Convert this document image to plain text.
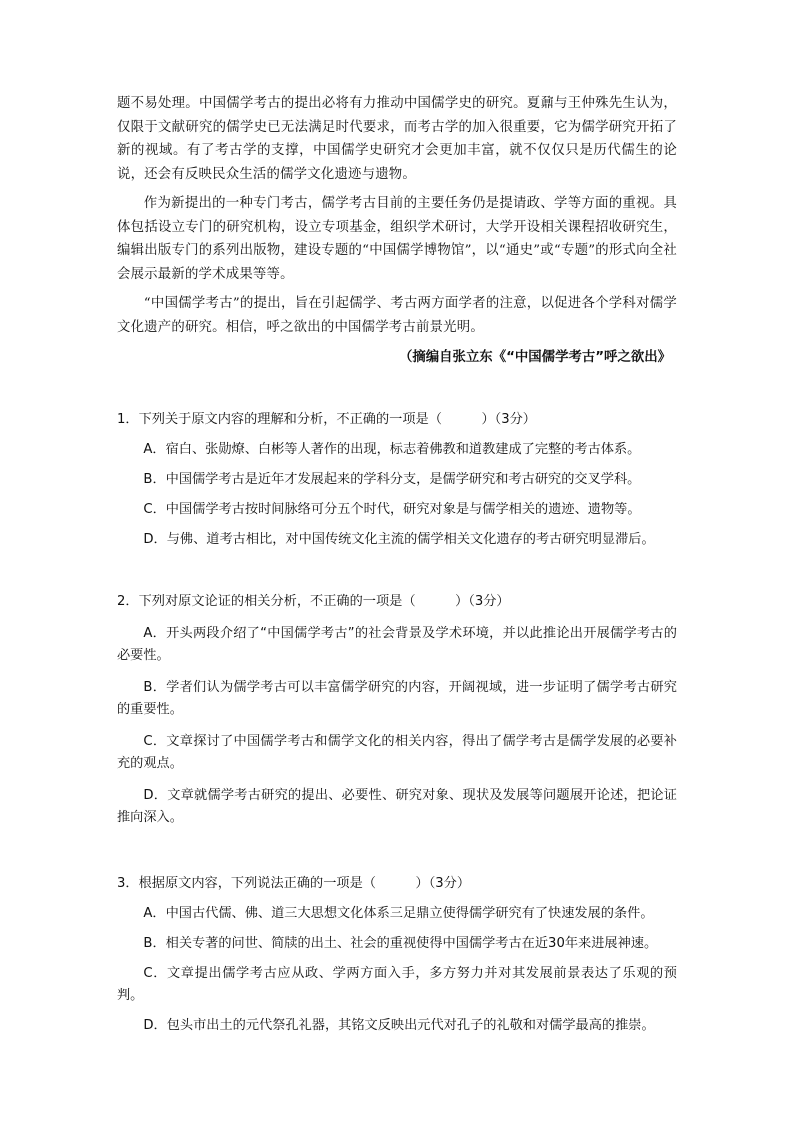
题不易处理。中国儒学考古的提出必将有力推动中国儒学史的研究。夏鼐与王仲殊先生认为，仅限于文献研究的儒学史已无法满足时代要求，而考古学的加入很重要，它为儒学研究开拓了新的视域。有了考古学的支撑，中国儒学史研究才会更加丰富，就不仅仅只是历代儒生的论说，还会有反映民众生活的儒学文化遗迹与遗物。

作为新提出的一种专门考古，儒学考古目前的主要任务仍是提请政、学等方面的重视。具体包括设立专门的研究机构，设立专项基金，组织学术研讨，大学开设相关课程招收研究生，编辑出版专门的系列出版物，建设专题的“中国儒学博物馆”，以“通史”或“专题”的形式向全社会展示最新的学术成果等等。

“中国儒学考古”的提出，旨在引起儒学、考古两方面学者的注意，以促进各个学科对儒学文化遗产的研究。相信，呼之欲出的中国儒学考古前景光明。

（摘编自张立东《“中国儒学考古”呼之欲出》

1．下列关于原文内容的理解和分析，不正确的一项是（　　　）（3分）

A．宿白、张勋燎、白彬等人著作的出现，标志着佛教和道教建成了完整的考古体系。

B．中国儒学考古是近年才发展起来的学科分支，是儒学研究和考古研究的交叉学科。

C．中国儒学考古按时间脉络可分五个时代，研究对象是与儒学相关的遗迹、遗物等。

D．与佛、道考古相比，对中国传统文化主流的儒学相关文化遗存的考古研究明显滞后。

2．下列对原文论证的相关分析，不正确的一项是（　　　）（3分）

A．开头两段介绍了“中国儒学考古”的社会背景及学术环境，并以此推论出开展儒学考古的必要性。

B．学者们认为儒学考古可以丰富儒学研究的内容，开阔视域，进一步证明了儒学考古研究的重要性。

C．文章探讨了中国儒学考古和儒学文化的相关内容，得出了儒学考古是儒学发展的必要补充的观点。

D．文章就儒学考古研究的提出、必要性、研究对象、现状及发展等问题展开论述，把论证推向深入。

3．根据原文内容，下列说法正确的一项是（　　　）（3分）

A．中国古代儒、佛、道三大思想文化体系三足鼎立使得儒学研究有了快速发展的条件。

B．相关专著的问世、简牍的出土、社会的重视使得中国儒学考古在近30年来进展神速。

C．文章提出儒学考古应从政、学两方面入手，多方努力并对其发展前景表达了乐观的预判。

D．包头市出土的元代祭孔礼器，其铭文反映出元代对孔子的礼敬和对儒学最高的推崇。
